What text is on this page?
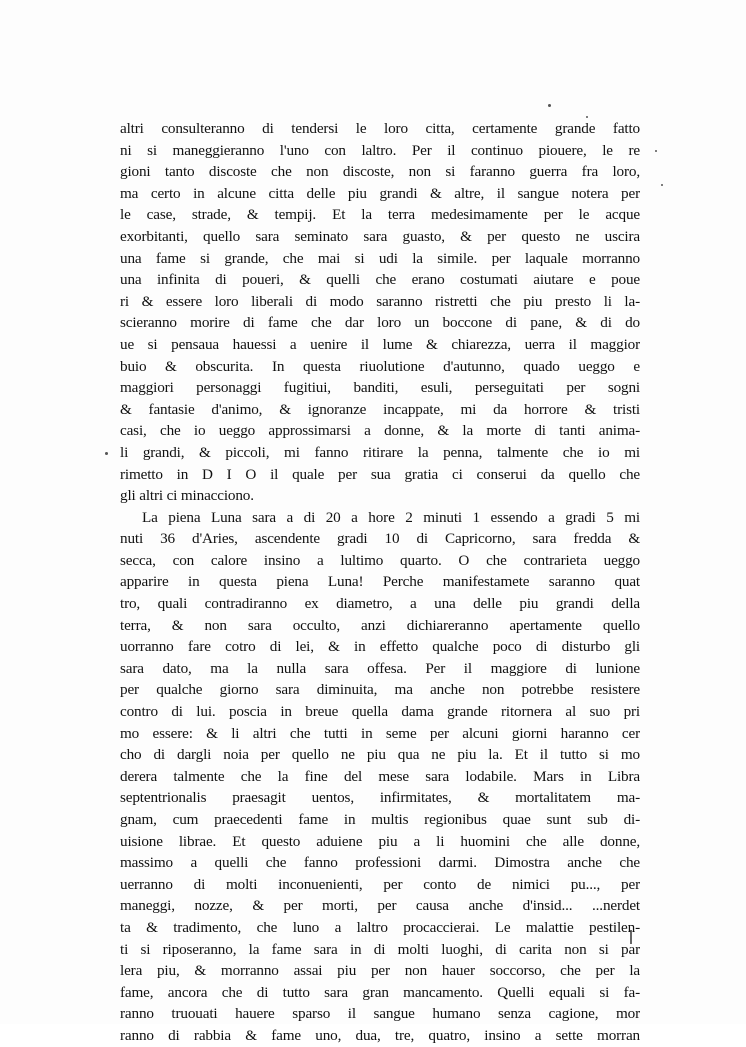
altri consulteranno di tendersi le loro citta, certamente grande fatto
ni si maneggieranno l'uno con laltro. Per il continuo piouere, le re
gioni tanto discoste che non discoste, non si faranno guerra fra loro,
ma certo in alcune citta delle piu grandi & altre, il sangue notera per
le case, strade, & tempij. Et la terra medesimamente per le acque
exorbitanti, quello sara seminato sara guasto, & per questo ne uscira
una fame si grande, che mai si udi la simile. per laquale morranno
una infinita di poueri, & quelli che erano costumati aiutare e poue
ri & essere loro liberali di modo saranno ristretti che piu presto li la-
scieranno morire di fame che dar loro un boccone di pane, & di do
ue si pensaua hauessi a uenire il lume & chiarezza, uerra il maggior
buio & obscurita. In questa riuolutione d'autunno, quado ueggo e
maggiori personaggi fugitiui, banditi, esuli, perseguitati per sogni
& fantasie d'animo, & ignoranze incappate, mi da horrore & tristi
casi, che io ueggo approssimarsi a donne, & la morte di tanti anima-
li grandi, & piccoli, mi fanno ritirare la penna, talmente che io mi
rimetto in D I O il quale per sua gratia ci conserui da quello che
gli altri ci minacciono.
La piena Luna sara a di 20 a hore 2 minuti 1 essendo a gradi 5 mi
nuti 36 d'Aries, ascendente gradi 10 di Capricorno, sara fredda &
secca, con calore insino a lultimo quarto. O che contrarieta ueggo
apparire in questa piena Luna! Perche manifestamete saranno quat
tro, quali contradiranno ex diametro, a una delle piu grandi della
terra, & non sara occulto, anzi dichiareranno apertamente quello
uorranno fare cotro di lei, & in effetto qualche poco di disturbo gli
sara dato, ma la nulla sara offesa. Per il maggiore di lunione
per qualche giorno sara diminuita, ma anche non potrebbe resistere
contro di lui. poscia in breue quella dama grande ritornera al suo pri
mo essere: & li altri che tutti in seme per alcuni giorni haranno cer
cho di dargli noia per quello ne piu qua ne piu la. Et il tutto si mo
derera talmente che la fine del mese sara lodabile. Mars in Libra
septentrionalis praesagit uentos, infirmitates, & mortalitatem ma-
gnam, cum praecedenti fame in multis regionibus quae sunt sub di-
uisione librae. Et questo aduiene piu a li huomini che alle donne,
massimo a quelli che fanno professioni darmi. Dimostra anche che
uerranno di molti inconuenienti, per conto de nimici pu..., per
maneggi, nozze, & per morti, per causa anche d'insid... ...nerdet
ta & tradimento, che luno a laltro procaccierai. Le malattie pestilen-
ti si riposeranno, la fame sara in di molti luoghi, di carita non si par
lera piu, & morranno assai piu per non hauer soccorso, che per la
fame, ancora che di tutto sara gran mancamento. Quelli equali si fa-
ranno truouati hauere sparso il sangue humano senza cagione, mor
ranno di rabbia & fame uno, dua, tre, quatro, insino a sette morran
